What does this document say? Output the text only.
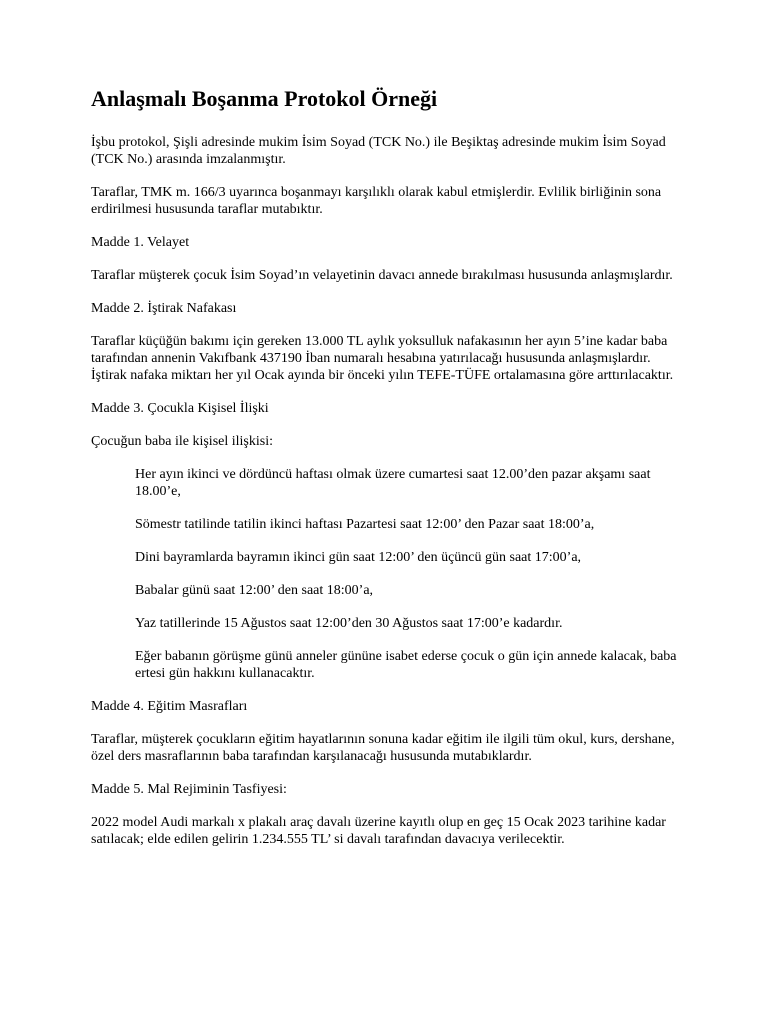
Anlaşmalı Boşanma Protokol Örneği

İşbu protokol, Şişli adresinde mukim İsim Soyad (TCK No.) ile Beşiktaş adresinde mukim İsim Soyad (TCK No.) arasında imzalanmıştır.

Taraflar, TMK m. 166/3 uyarınca boşanmayı karşılıklı olarak kabul etmişlerdir. Evlilik birliğinin sona erdirilmesi hususunda taraflar mutabıktır.

Madde 1. Velayet

Taraflar müşterek çocuk İsim Soyad’ın velayetinin davacı annede bırakılması hususunda anlaşmışlardır.

Madde 2. İştirak Nafakası

Taraflar küçüğün bakımı için gereken 13.000 TL aylık yoksulluk nafakasının her ayın 5’ine kadar baba tarafından annenin Vakıfbank 437190 İban numaralı hesabına yatırılacağı hususunda anlaşmışlardır. İştirak nafaka miktarı her yıl Ocak ayında bir önceki yılın TEFE-TÜFE ortalamasına göre arttırılacaktır.

Madde 3. Çocukla Kişisel İlişki

Çocuğun baba ile kişisel ilişkisi:

Her ayın ikinci ve dördüncü haftası olmak üzere cumartesi saat 12.00’den pazar akşamı saat 18.00’e,

Sömestr tatilinde tatilin ikinci haftası Pazartesi saat 12:00’ den Pazar saat 18:00’a,

Dini bayramlarda bayramın ikinci gün saat 12:00’ den üçüncü gün saat 17:00’a,

Babalar günü saat 12:00’ den saat 18:00’a,

Yaz tatillerinde 15 Ağustos saat 12:00’den 30 Ağustos saat 17:00’e kadardır.

Eğer babanın görüşme günü anneler gününe isabet ederse çocuk o gün için annede kalacak, baba ertesi gün hakkını kullanacaktır.

Madde 4. Eğitim Masrafları

Taraflar, müşterek çocukların eğitim hayatlarının sonuna kadar eğitim ile ilgili tüm okul, kurs, dershane, özel ders masraflarının baba tarafından karşılanacağı hususunda mutabıklardır.

Madde 5. Mal Rejiminin Tasfiyesi:

2022 model Audi markalı x plakalı araç davalı üzerine kayıtlı olup en geç 15 Ocak 2023 tarihine kadar satılacak; elde edilen gelirin 1.234.555 TL’ si davalı tarafından davacıya verilecektir.
